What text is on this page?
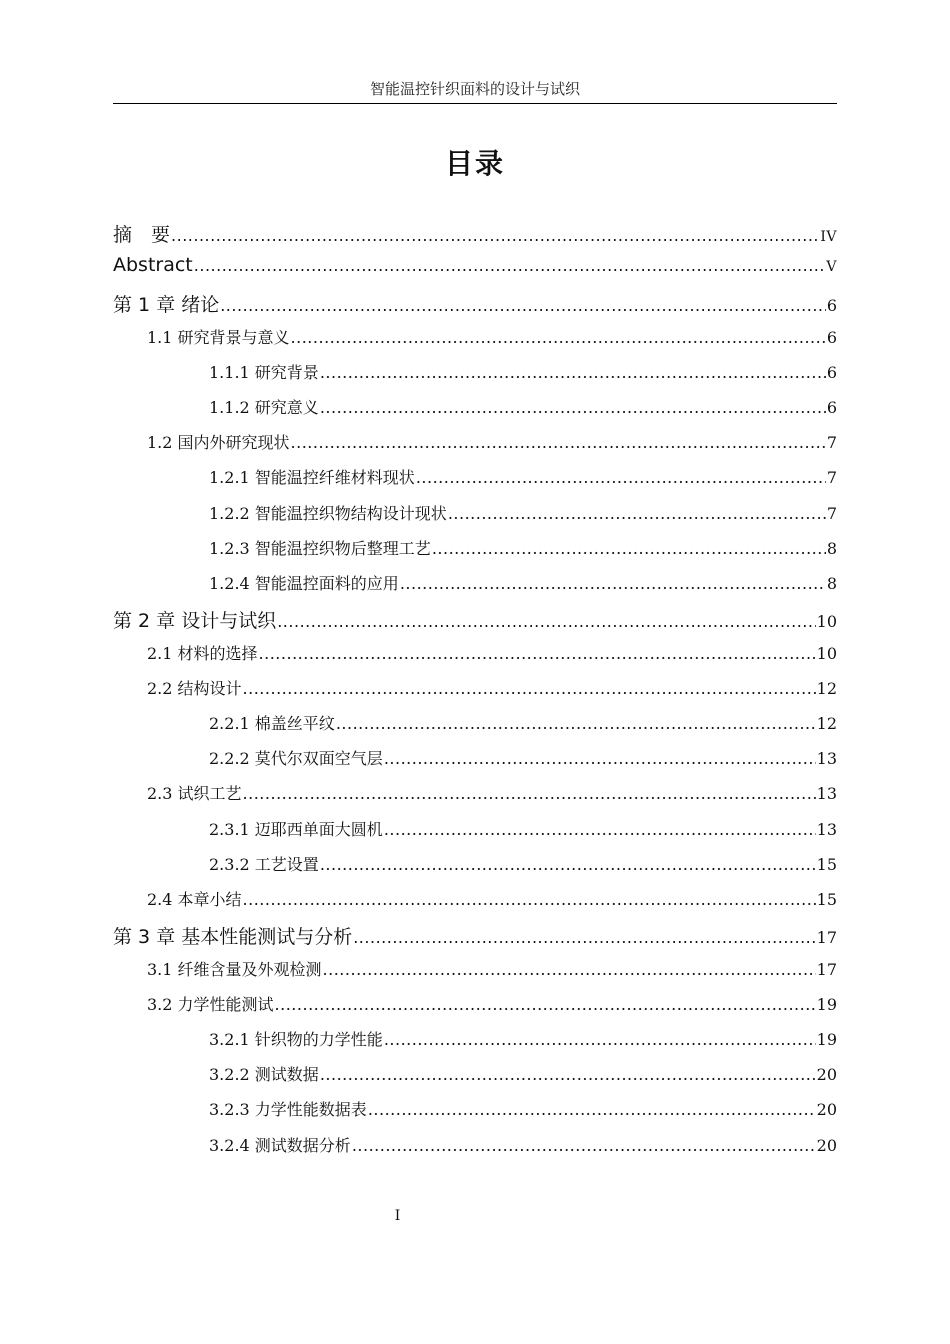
智能温控针织面料的设计与试织
目录
摘　要 .....	IV
Abstract .....	V
第 1 章 绪论 .....	6
1.1 研究背景与意义 .....	6
1.1.1 研究背景 .....	6
1.1.2 研究意义 .....	6
1.2 国内外研究现状 .....	7
1.2.1 智能温控纤维材料现状 .....	7
1.2.2 智能温控织物结构设计现状 .....	7
1.2.3 智能温控织物后整理工艺 .....	8
1.2.4 智能温控面料的应用 .....	8
第 2 章 设计与试织 .....	10
2.1 材料的选择 .....	10
2.2 结构设计 .....	12
2.2.1 棉盖丝平纹 .....	12
2.2.2 莫代尔双面空气层 .....	13
2.3 试织工艺 .....	13
2.3.1 迈耶西单面大圆机 .....	13
2.3.2 工艺设置 .....	15
2.4 本章小结 .....	15
第 3 章 基本性能测试与分析 .....	17
3.1 纤维含量及外观检测 .....	17
3.2 力学性能测试 .....	19
3.2.1 针织物的力学性能 .....	19
3.2.2 测试数据 .....	20
3.2.3 力学性能数据表 .....	20
3.2.4 测试数据分析 .....	20
I
